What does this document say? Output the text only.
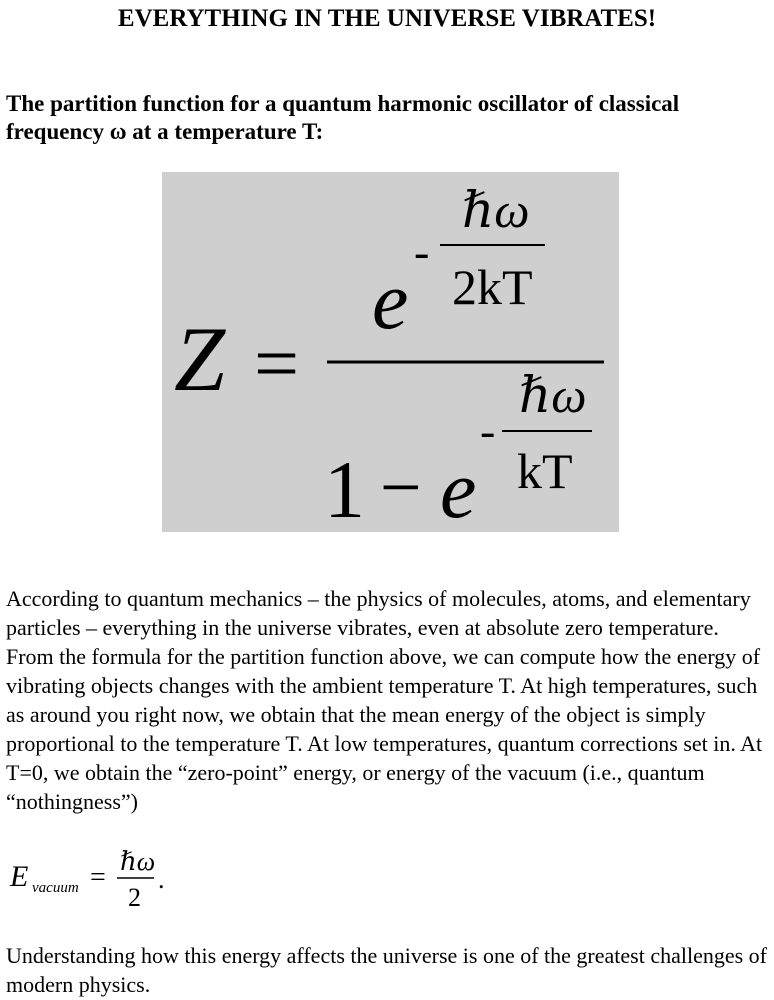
EVERYTHING IN THE UNIVERSE VIBRATES!
The partition function for a quantum harmonic oscillator of classical frequency ω at a temperature T:
Z =
e
-
ℏω
2kT
1 − e
-
ℏω
kT
According to quantum mechanics – the physics of molecules, atoms, and elementary particles – everything in the universe vibrates, even at absolute zero temperature. From the formula for the partition function above, we can compute how the energy of vibrating objects changes with the ambient temperature T. At high temperatures, such as around you right now, we obtain that the mean energy of the object is simply proportional to the temperature T. At low temperatures, quantum corrections set in. At T=0, we obtain the “zero-point” energy, or energy of the vacuum (i.e., quantum “nothingness”)
E vacuum =
ℏω
2
.
Understanding how this energy affects the universe is one of the greatest challenges of modern physics.
